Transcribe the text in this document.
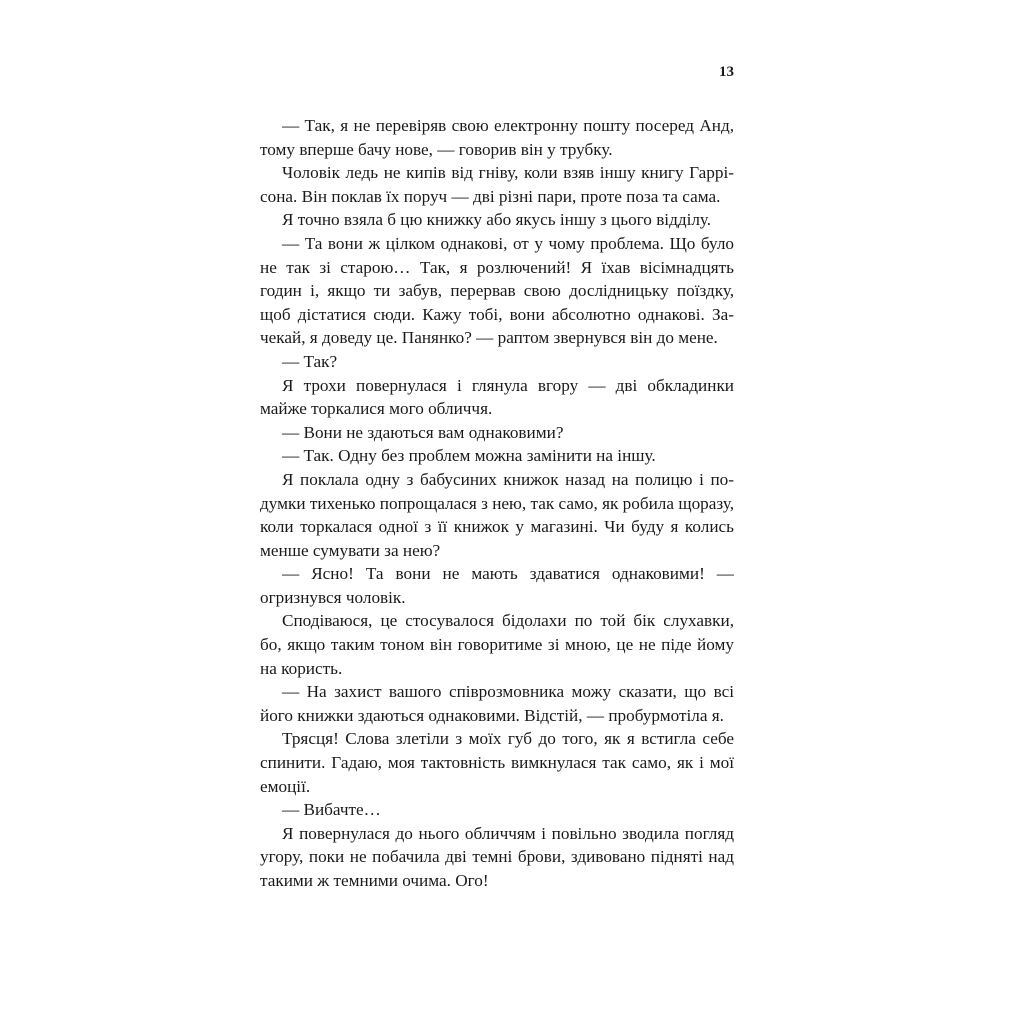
13

— Так, я не перевіряв свою електронну пошту посеред Анд, тому вперше бачу нове, — говорив він у трубку.

Чоловік ледь не кипів від гніву, коли взяв іншу книгу Гаррісона. Він поклав їх поруч — дві різні пари, проте поза та сама.

Я точно взяла б цю книжку або якусь іншу з цього відділу.

— Та вони ж цілком однакові, от у чому проблема. Що було не так зі старою… Так, я розлючений! Я їхав вісімнадцять годин і, якщо ти забув, перервав свою дослідницьку поїздку, щоб дістатися сюди. Кажу тобі, вони абсолютно однакові. Зачекай, я доведу це. Панянко? — раптом звернувся він до мене.

— Так?

Я трохи повернулася і глянула вгору — дві обкладинки майже торкалися мого обличчя.

— Вони не здаються вам однаковими?

— Так. Одну без проблем можна замінити на іншу.

Я поклала одну з бабусиних книжок назад на полицю і подумки тихенько попрощалася з нею, так само, як робила щоразу, коли торкалася одної з її книжок у магазині. Чи буду я колись менше сумувати за нею?

— Ясно! Та вони не мають здаватися однаковими! — огризнувся чоловік.

Сподіваюся, це стосувалося бідолахи по той бік слухавки, бо, якщо таким тоном він говоритиме зі мною, це не піде йому на користь.

— На захист вашого співрозмовника можу сказати, що всі його книжки здаються однаковими. Відстій, — пробурмотіла я.

Трясця! Слова злетіли з моїх губ до того, як я встигла себе спинити. Гадаю, моя тактовність вимкнулася так само, як і мої емоції.

— Вибачте…

Я повернулася до нього обличчям і повільно зводила погляд угору, поки не побачила дві темні брови, здивовано підняті над такими ж темними очима. Ого!
